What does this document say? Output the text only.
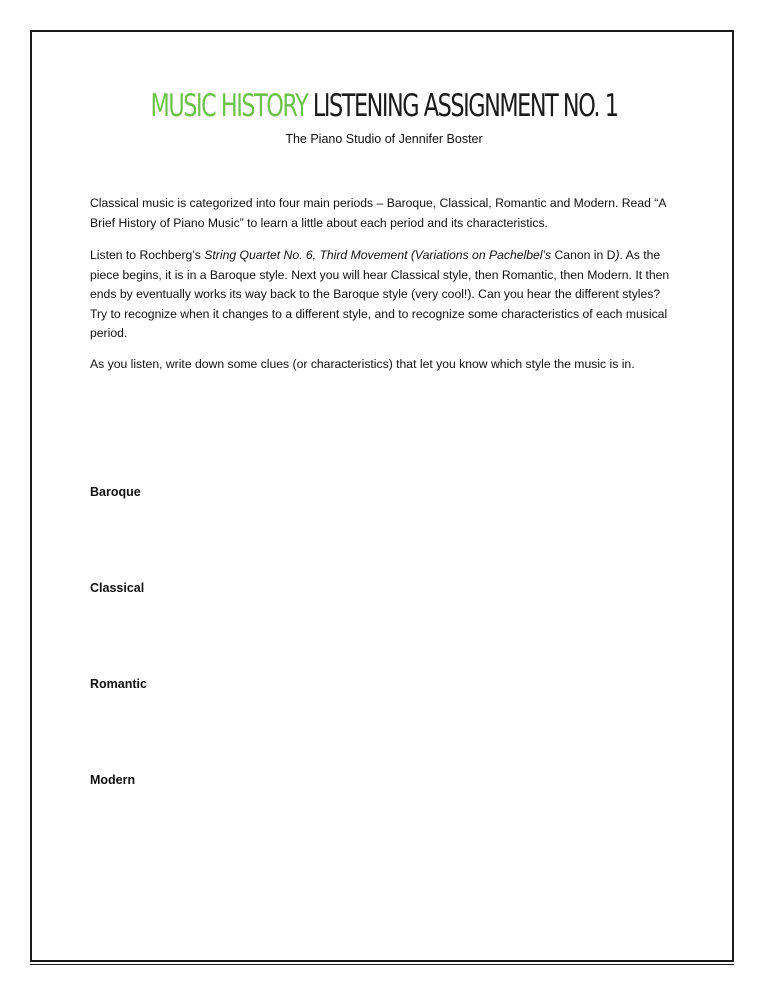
MUSIC HISTORY LISTENING ASSIGNMENT NO. 1
The Piano Studio of Jennifer Boster

Classical music is categorized into four main periods – Baroque, Classical, Romantic and Modern. Read “A Brief History of Piano Music” to learn a little about each period and its characteristics.

Listen to Rochberg’s String Quartet No. 6, Third Movement (Variations on Pachelbel’s Canon in D). As the piece begins, it is in a Baroque style. Next you will hear Classical style, then Romantic, then Modern. It then ends by eventually works its way back to the Baroque style (very cool!). Can you hear the different styles? Try to recognize when it changes to a different style, and to recognize some characteristics of each musical period.

As you listen, write down some clues (or characteristics) that let you know which style the music is in.

Baroque
Classical
Romantic
Modern
